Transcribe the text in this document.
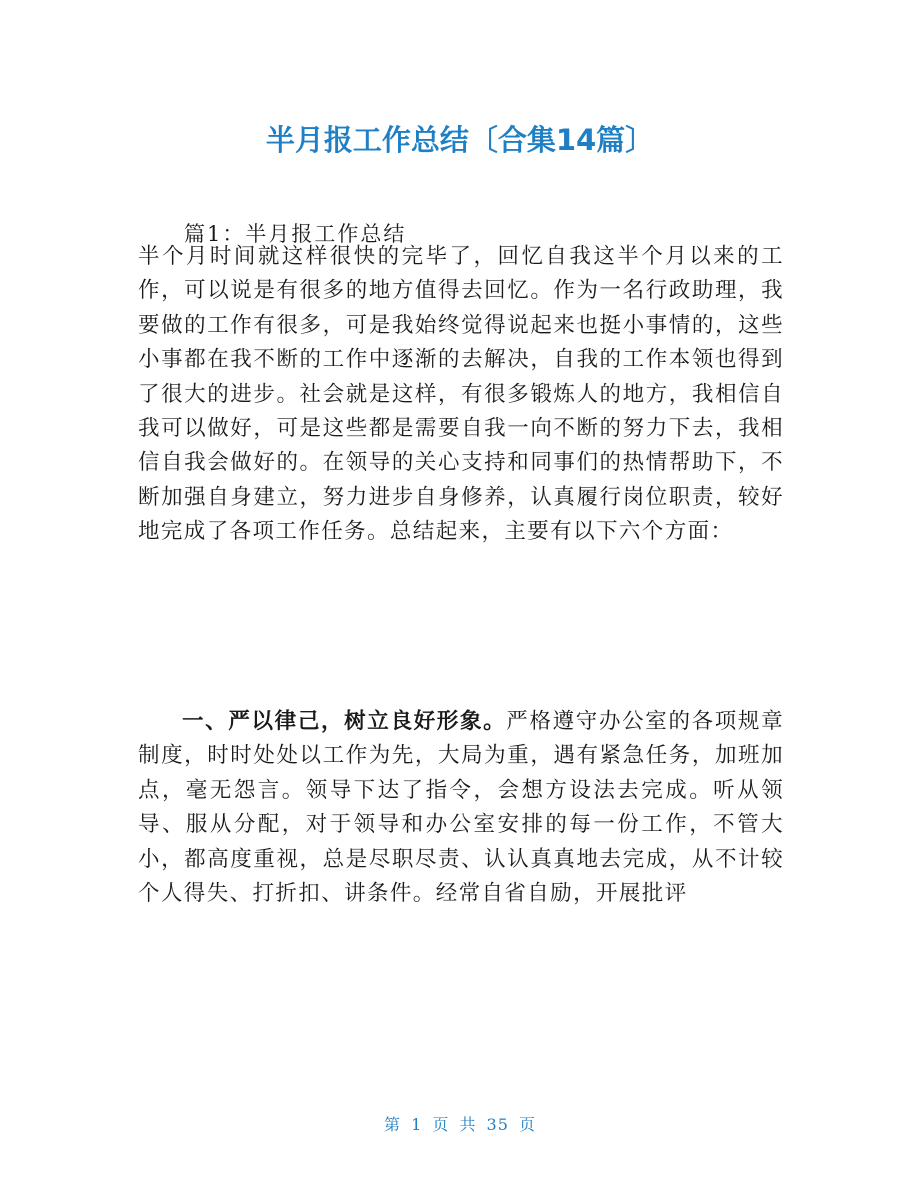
半月报工作总结〔合集14篇〕
篇1：半月报工作总结

半个月时间就这样很快的完毕了，回忆自我这半个月以来的工作，可以说是有很多的地方值得去回忆。作为一名行政助理，我要做的工作有很多，可是我始终觉得说起来也挺小事情的，这些小事都在我不断的工作中逐渐的去解决，自我的工作本领也得到了很大的进步。社会就是这样，有很多锻炼人的地方，我相信自我可以做好，可是这些都是需要自我一向不断的努力下去，我相信自我会做好的。在领导的关心支持和同事们的热情帮助下，不断加强自身建立，努力进步自身修养，认真履行岗位职责，较好地完成了各项工作任务。总结起来，主要有以下六个方面：

一、严以律己，树立良好形象。严格遵守办公室的各项规章制度，时时处处以工作为先，大局为重，遇有紧急任务，加班加点，毫无怨言。领导下达了指令，会想方设法去完成。听从领导、服从分配，对于领导和办公室安排的每一份工作，不管大小，都高度重视，总是尽职尽责、认认真真地去完成，从不计较个人得失、打折扣、讲条件。经常自省自励，开展批评

第 1 页 共 35 页
